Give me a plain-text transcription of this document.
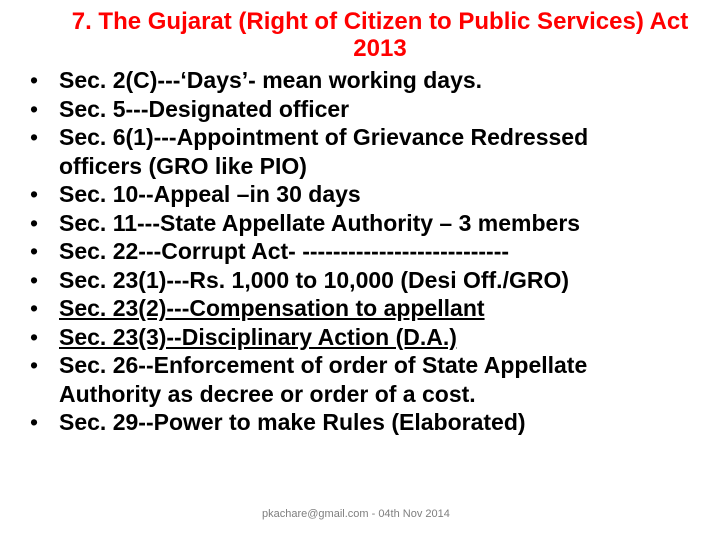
7. The Gujarat (Right of Citizen to Public Services) Act
2013
• Sec. 2(C)---‘Days’- mean working days.
• Sec. 5---Designated officer
• Sec. 6(1)---Appointment of Grievance Redressed
officers (GRO like PIO)
• Sec. 10--Appeal –in 30 days
• Sec. 11---State Appellate Authority – 3 members
• Sec. 22---Corrupt Act- ---------------------------
• Sec. 23(1)---Rs. 1,000 to 10,000 (Desi Off./GRO)
• Sec. 23(2)---Compensation to appellant
• Sec. 23(3)--Disciplinary Action (D.A.)
• Sec. 26--Enforcement of order of State Appellate
Authority as decree or order of a cost.
• Sec. 29--Power to make Rules (Elaborated)
pkachare@gmail.com - 04th Nov 2014
